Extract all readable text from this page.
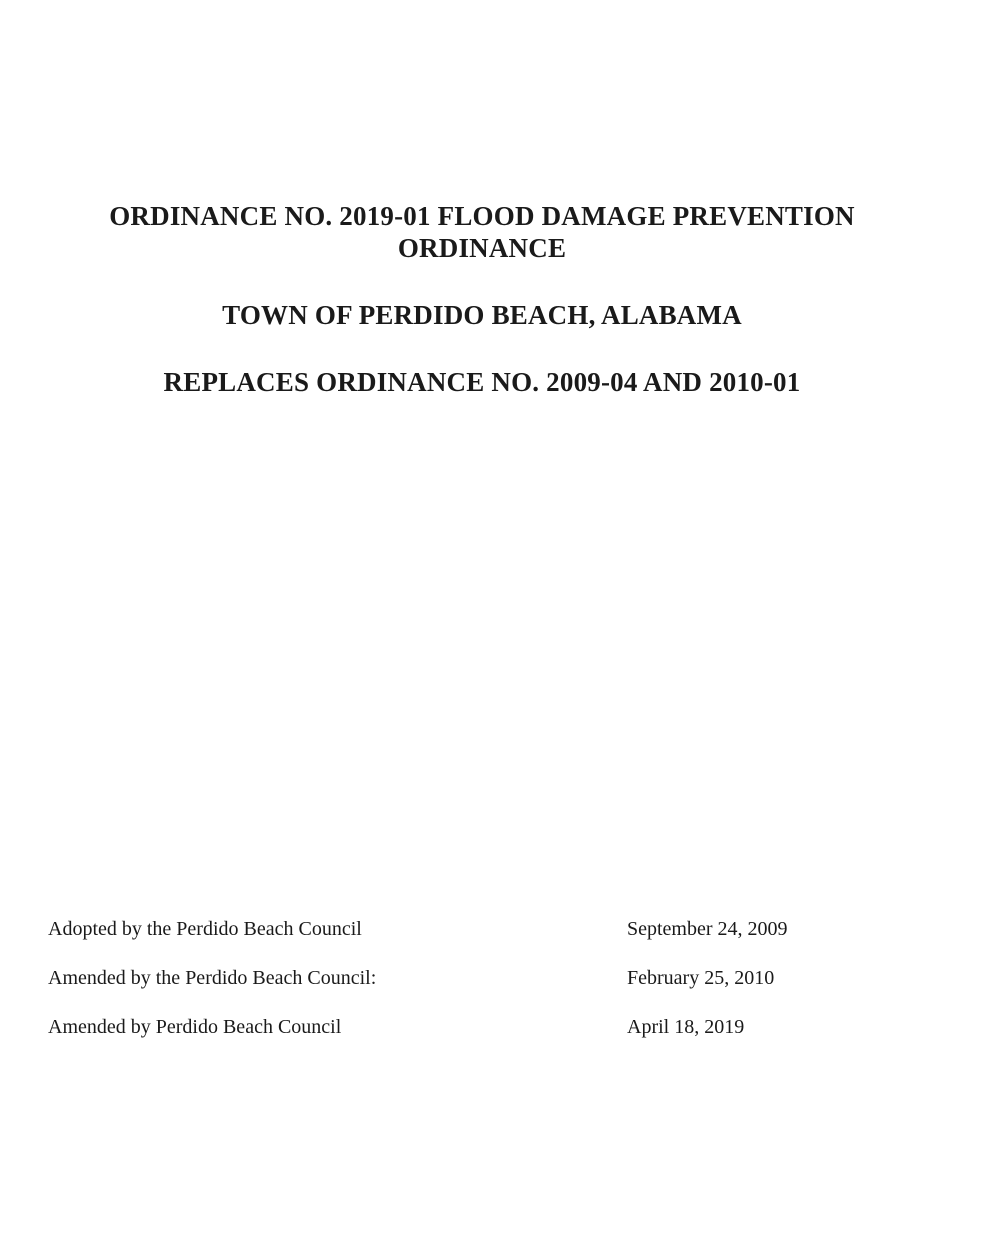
ORDINANCE NO. 2019-01 FLOOD DAMAGE PREVENTION
ORDINANCE
TOWN OF PERDIDO BEACH, ALABAMA
REPLACES ORDINANCE NO. 2009-04 AND 2010-01
Adopted by the Perdido Beach Council	September 24, 2009
Amended by the Perdido Beach Council:	February 25, 2010
Amended by Perdido Beach Council	April 18, 2019
